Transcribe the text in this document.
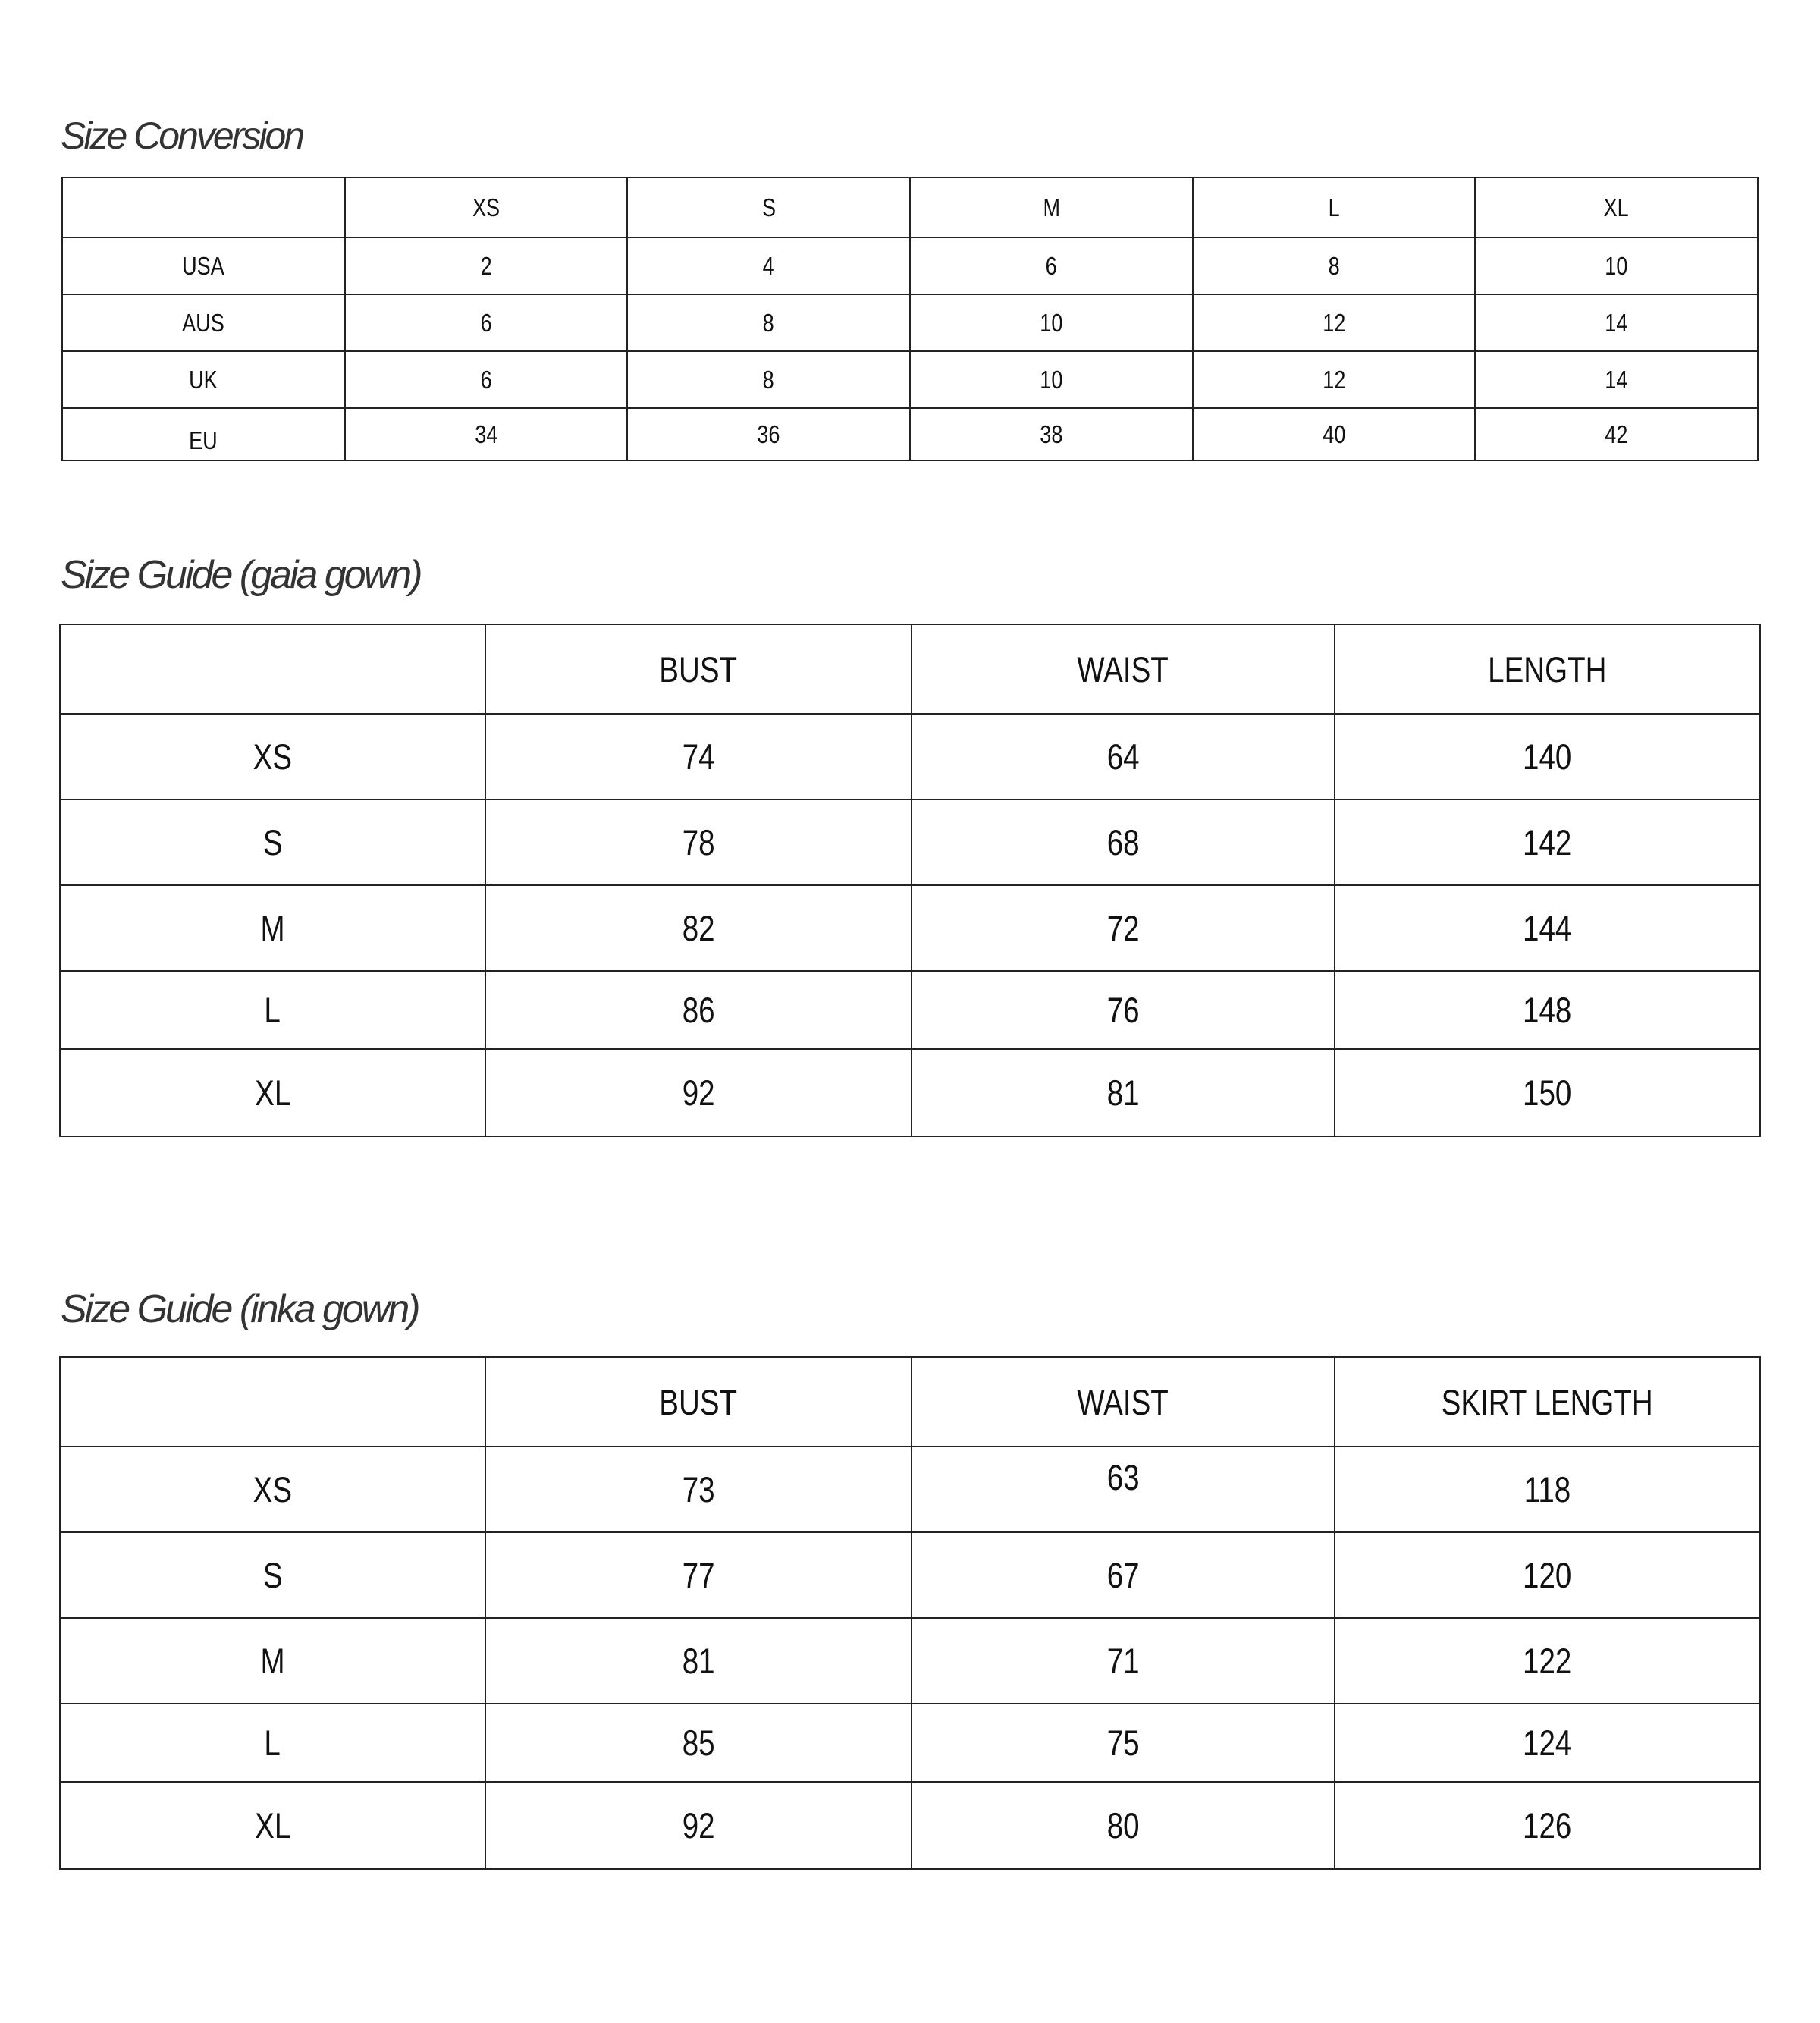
Size Conversion
	XS	S	M	L	XL
USA	2	4	6	8	10
AUS	6	8	10	12	14
UK	6	8	10	12	14
EU	34	36	38	40	42
Size Guide (gaia gown)
	BUST	WAIST	LENGTH
XS	74	64	140
S	78	68	142
M	82	72	144
L	86	76	148
XL	92	81	150
Size Guide (inka gown)
	BUST	WAIST	SKIRT LENGTH
XS	73	63	118
S	77	67	120
M	81	71	122
L	85	75	124
XL	92	80	126
